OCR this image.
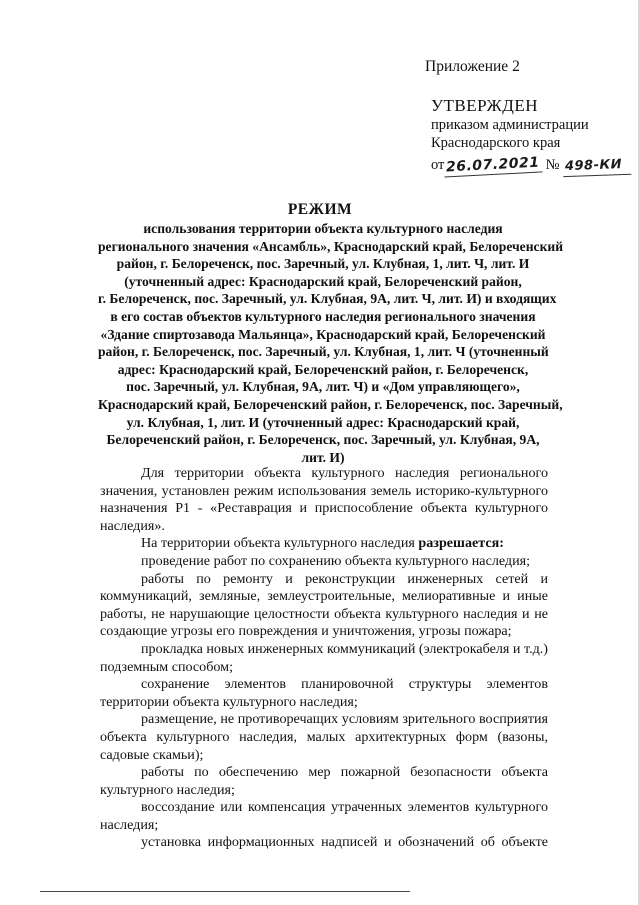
Приложение 2
УТВЕРЖДЕН
приказом администрации
Краснодарского края
от 26.07.2021 № 498-КИ
РЕЖИМ
использования территории объекта культурного наследия
регионального значения «Ансамбль», Краснодарский край, Белореченский
район, г. Белореченск, пос. Заречный, ул. Клубная, 1, лит. Ч, лит. И
(уточненный адрес: Краснодарский край, Белореченский район,
г. Белореченск, пос. Заречный, ул. Клубная, 9А, лит. Ч, лит. И) и входящих
в его состав объектов культурного наследия регионального значения
«Здание спиртозавода Мальянца», Краснодарский край, Белореченский
район, г. Белореченск, пос. Заречный, ул. Клубная, 1, лит. Ч (уточненный
адрес: Краснодарский край, Белореченский район, г. Белореченск,
пос. Заречный, ул. Клубная, 9А, лит. Ч) и «Дом управляющего»,
Краснодарский край, Белореченский район, г. Белореченск, пос. Заречный,
ул. Клубная, 1, лит. И (уточненный адрес: Краснодарский край,
Белореченский район, г. Белореченск, пос. Заречный, ул. Клубная, 9А,
лит. И)

Для территории объекта культурного наследия регионального значения, установлен режим использования земель историко-культурного назначения Р1 - «Реставрация и приспособление объекта культурного наследия».

На территории объекта культурного наследия разрешается:

проведение работ по сохранению объекта культурного наследия;

работы по ремонту и реконструкции инженерных сетей и коммуникаций, земляные, землеустроительные, мелиоративные и иные работы, не нарушающие целостности объекта культурного наследия и не создающие угрозы его повреждения и уничтожения, угрозы пожара;

прокладка новых инженерных коммуникаций (электрокабеля и т.д.) подземным способом;

сохранение элементов планировочной структуры элементов территории объекта культурного наследия;

размещение, не противоречащих условиям зрительного восприятия объекта культурного наследия, малых архитектурных форм (вазоны, садовые скамьи);

работы по обеспечению мер пожарной безопасности объекта культурного наследия;

воссоздание или компенсация утраченных элементов культурного наследия;

установка информационных надписей и обозначений об объекте
